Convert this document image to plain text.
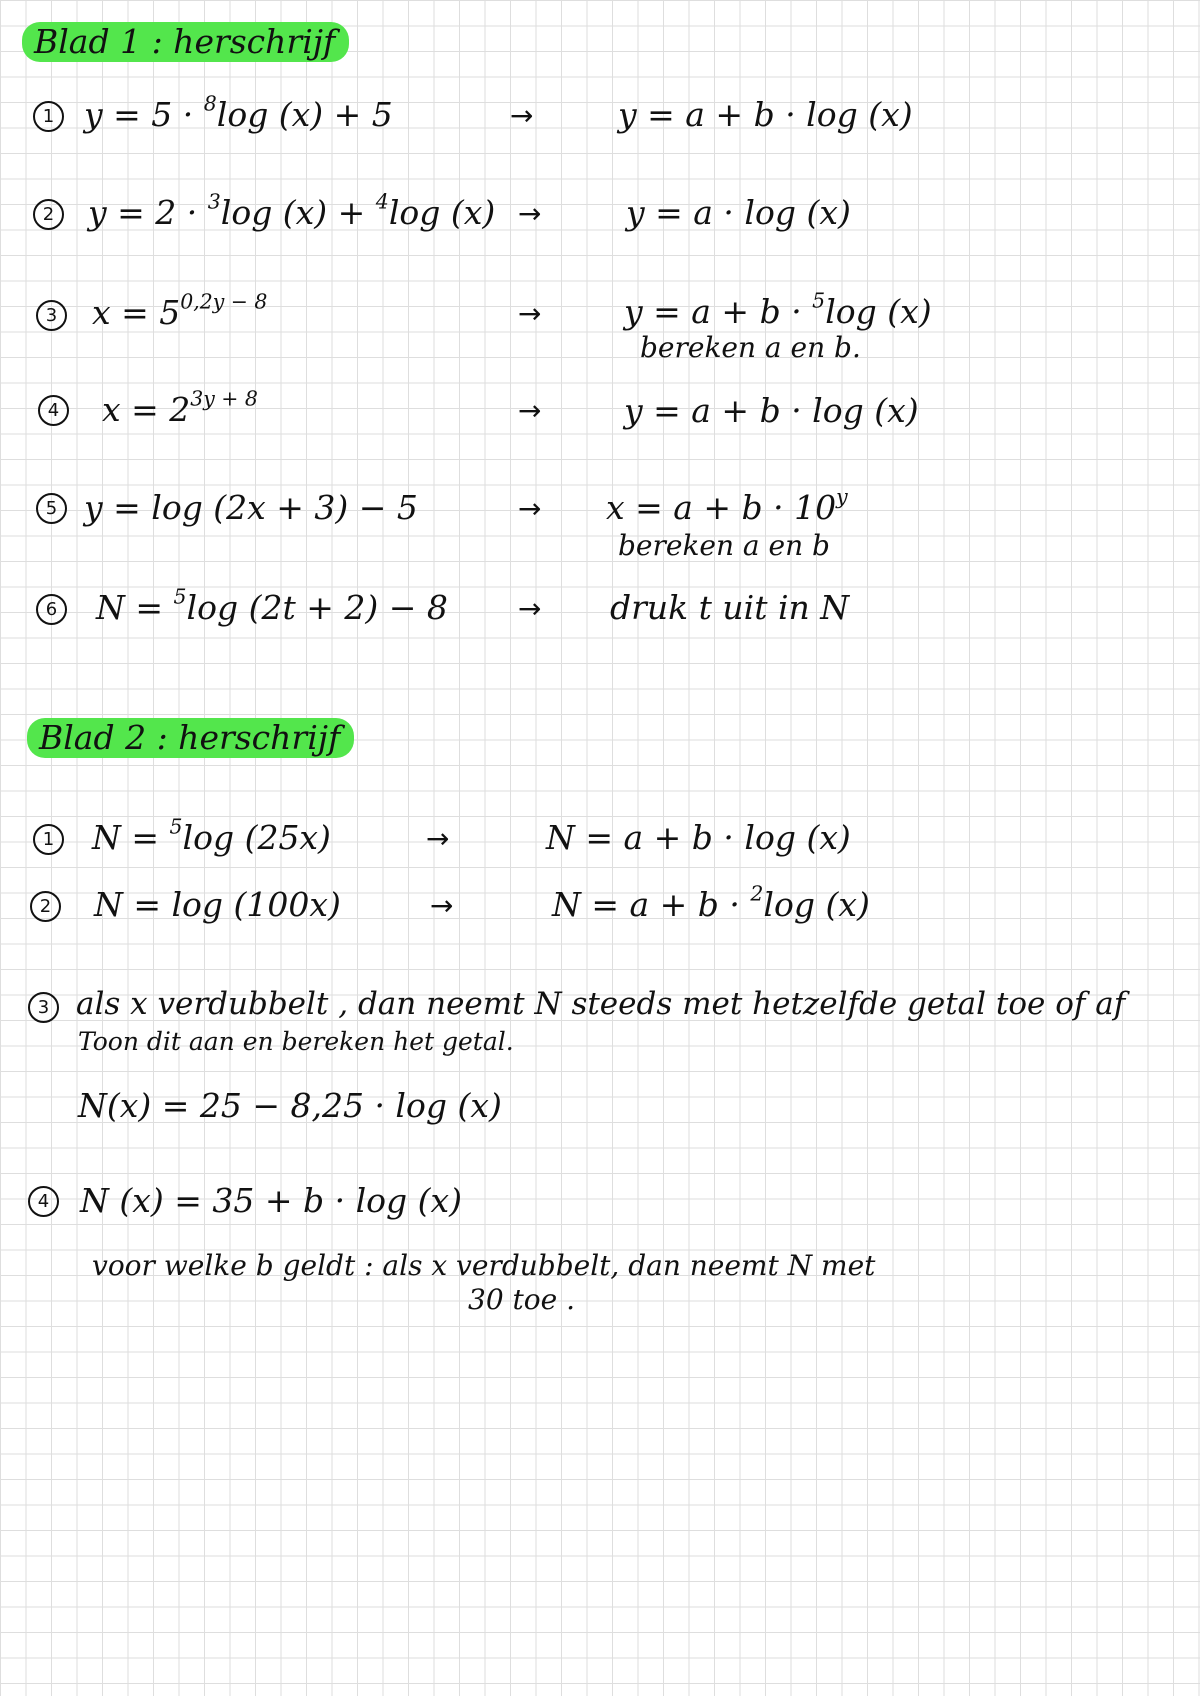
Blad 1 : herschrijf
1 y = 5 · $^8$log (x) + 5	→	y = a + b · log (x)
2 y = 2 · $^3$log (x) + $^4$log (x) →	y = a · log (x)
3 $x = 5^{0,2y - 8}$	→	y = a + b · $^5$log (x)
bereken a en b.
4 $x = 2^{3y + 8}$	→	y = a + b · log (x)
5 y = log (2x + 3) − 5	→ $x = a + b \cdot 10^y$
bereken a en b
6 N = $^5$log (2t + 2) − 8	→ druk t uit in N
Blad 2 : herschrijf
1 N = $^5$log (25x)	→	N = a + b · log (x)
2 N = log (100x)	→	N = a + b · $^2$log (x)
3 als x verdubbelt , dan neemt N steeds met hetzelfde getal toe of af
Toon dit aan en bereken het getal.
N(x) = 25 − 8,25 · log (x)
4 N (x) = 35 + b · log (x)
voor welke b geldt : als x verdubbelt, dan neemt N met
30 toe .
